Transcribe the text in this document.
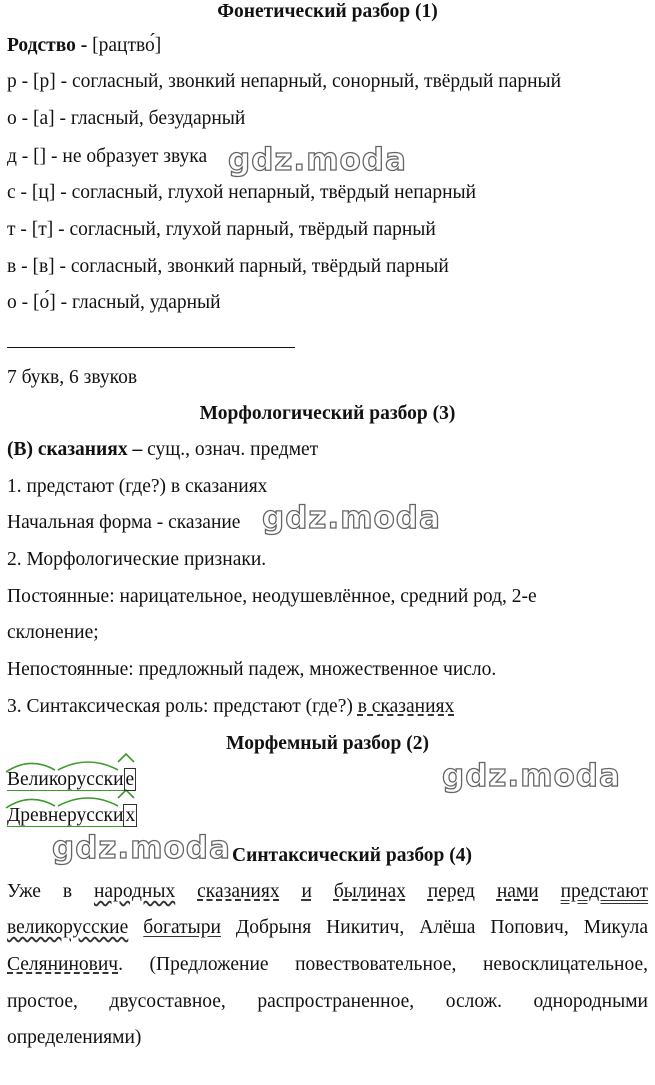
Фонетический разбор (1)
Родство - [рацтво́]
р - [р] - согласный, звонкий непарный, сонорный, твёрдый парный
о - [а] - гласный, безударный
д - [] - не образует звука
с - [ц] - согласный, глухой непарный, твёрдый непарный
т - [т] - согласный, глухой парный, твёрдый парный
в - [в] - согласный, звонкий парный, твёрдый парный
о - [о́] - гласный, ударный
7 букв, 6 звуков
Морфологический разбор (3)
(В) сказаниях – сущ., означ. предмет
1. предстают (где?) в сказаниях
Начальная форма - сказание
2. Морфологические признаки.
Постоянные: нарицательное, неодушевлённое, средний род, 2-е
склонение;
Непостоянные: предложный падеж, множественное число.
3. Синтаксическая роль: предстают (где?) в сказаниях
Морфемный разбор (2)
Великорусски е
Древнерусски х
Синтаксический разбор (4)
Уже в народных сказаниях и былинах перед нами предстают
великорусские богатыри Добрыня Никитич, Алёша Попович, Микула
Селянинович. (Предложение повествовательное, невосклицательное,
простое, двусоставное, распространенное, ослож. однородными
определениями)
gdz.moda
gdz.moda
gdz.moda
gdz.moda
